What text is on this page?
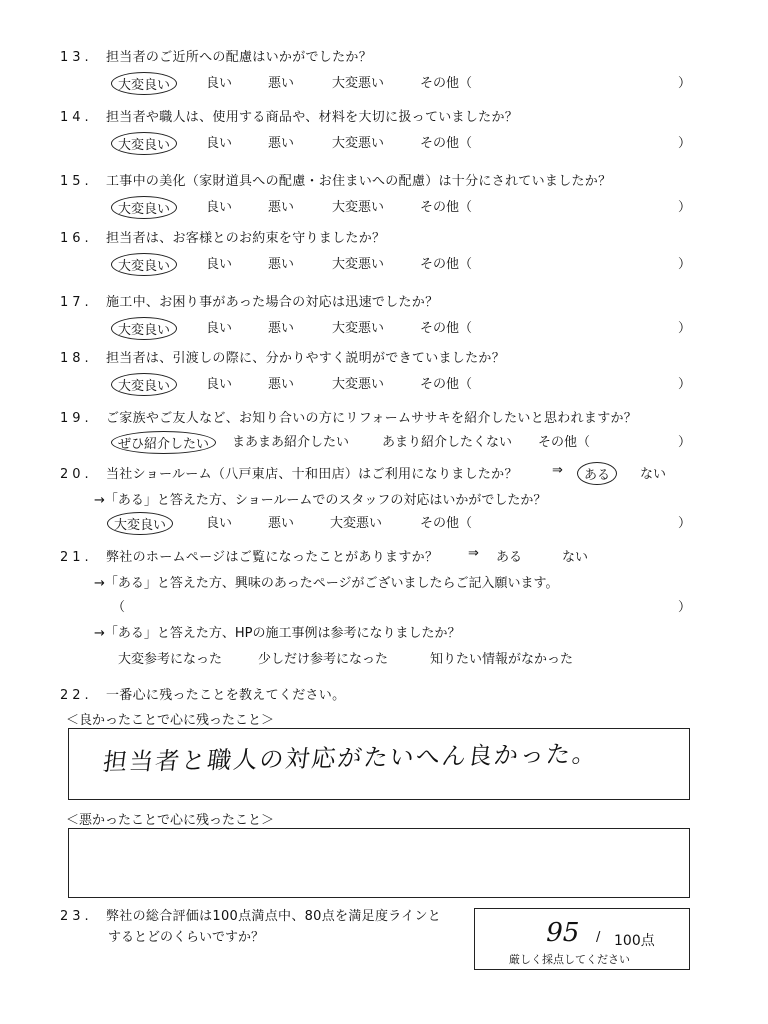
13. 担当者のご近所への配慮はいかがでしたか？
大変良い	良い	悪い	大変悪い	その他（	）
14. 担当者や職人は、使用する商品や、材料を大切に扱っていましたか？
大変良い	良い	悪い	大変悪い	その他（	）
15. 工事中の美化（家財道具への配慮・お住まいへの配慮）は十分にされていましたか？
大変良い	良い	悪い	大変悪い	その他（	）
16. 担当者は、お客様とのお約束を守りましたか？
大変良い	良い	悪い	大変悪い	その他（	）
17. 施工中、お困り事があった場合の対応は迅速でしたか？
大変良い	良い	悪い	大変悪い	その他（	）
18. 担当者は、引渡しの際に、分かりやすく説明ができていましたか？
大変良い	良い	悪い	大変悪い	その他（	）
19. ご家族やご友人など、お知り合いの方にリフォームササキを紹介したいと思われますか？
ぜひ紹介したい	まあまあ紹介したい	あまり紹介したくない その他（	）
20. 当社ショールーム（八戸東店、十和田店）はご利用になりましたか？	⇒	ある	ない
→「ある」と答えた方、ショールームでのスタッフの対応はいかがでしたか？
大変良い	良い	悪い	大変悪い	その他（	）
21. 弊社のホームページはご覧になったことがありますか？ ⇒ ある	ない
→「ある」と答えた方、興味のあったページがございましたらご記入願います。
（	）
→「ある」と答えた方、HPの施工事例は参考になりましたか？
大変参考になった	少しだけ参考になった	知りたい情報がなかった
22. 一番心に残ったことを教えてください。
＜良かったことで心に残ったこと＞
担当者と職人の対応がたいへん良かった。
＜悪かったことで心に残ったこと＞
23. 弊社の総合評価は100点満点中、80点を満足度ラインと
するとどのくらいですか？	95 / 100点
厳しく採点してください
